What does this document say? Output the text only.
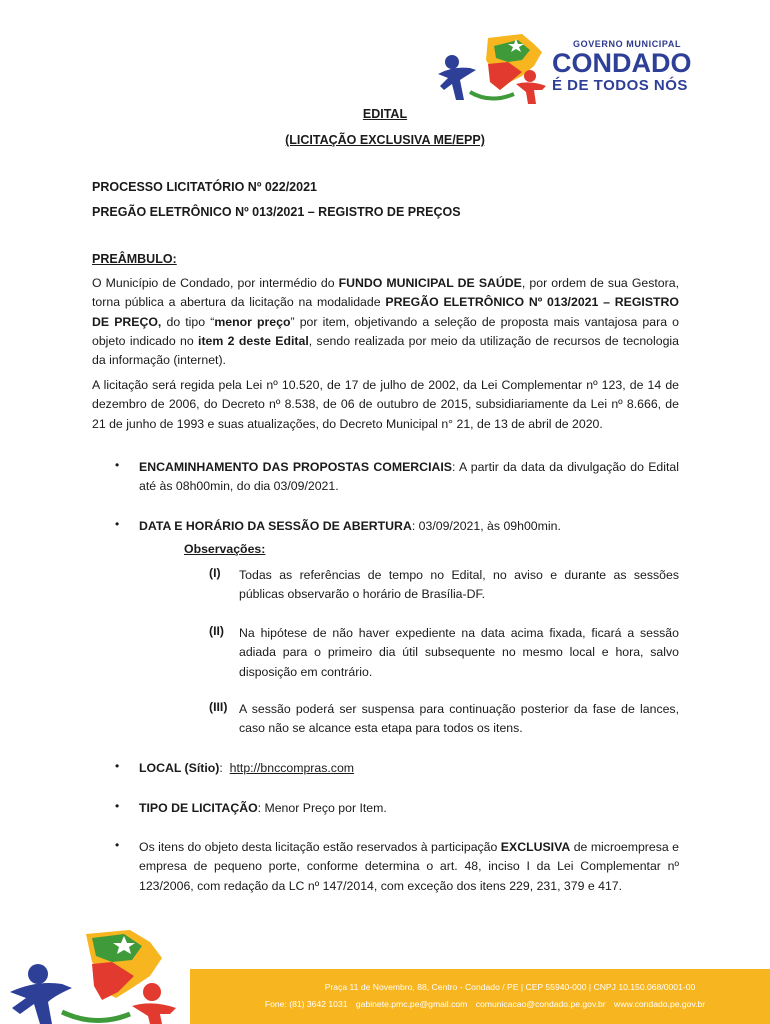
GOVERNO MUNICIPAL
CONDADO
É DE TODOS NÓS
EDITAL
(LICITAÇÃO EXCLUSIVA ME/EPP)
PROCESSO LICITATÓRIO Nº 022/2021
PREGÃO ELETRÔNICO Nº 013/2021 – REGISTRO DE PREÇOS
PREÂMBULO:
O Município de Condado, por intermédio do FUNDO MUNICIPAL DE SAÚDE, por ordem de sua Gestora, torna pública a abertura da licitação na modalidade PREGÃO ELETRÔNICO Nº 013/2021 – REGISTRO DE PREÇO, do tipo “menor preço” por item, objetivando a seleção de proposta mais vantajosa para o objeto indicado no item 2 deste Edital, sendo realizada por meio da utilização de recursos de tecnologia da informação (internet).
A licitação será regida pela Lei nº 10.520, de 17 de julho de 2002, da Lei Complementar nº 123, de 14 de dezembro de 2006, do Decreto nº 8.538, de 06 de outubro de 2015, subsidiariamente da Lei nº 8.666, de 21 de junho de 1993 e suas atualizações, do Decreto Municipal n° 21, de 13 de abril de 2020.
•	ENCAMINHAMENTO DAS PROPOSTAS COMERCIAIS: A partir da data da divulgação do Edital até às 08h00min, do dia 03/09/2021.
•	DATA E HORÁRIO DA SESSÃO DE ABERTURA: 03/09/2021, às 09h00min.
Observações:
(I) Todas as referências de tempo no Edital, no aviso e durante as sessões públicas observarão o horário de Brasília-DF.
(II) Na hipótese de não haver expediente na data acima fixada, ficará a sessão adiada para o primeiro dia útil subsequente no mesmo local e hora, salvo disposição em contrário.
(III) A sessão poderá ser suspensa para continuação posterior da fase de lances, caso não se alcance esta etapa para todos os itens.
•	LOCAL (Sítio): http://bnccompras.com
•	TIPO DE LICITAÇÃO: Menor Preço por Item.
•	Os itens do objeto desta licitação estão reservados à participação EXCLUSIVA de microempresa e empresa de pequeno porte, conforme determina o art. 48, inciso I da Lei Complementar nº 123/2006, com redação da LC nº 147/2014, com exceção dos itens 229, 231, 379 e 417.
Praça 11 de Novembro, 88, Centro - Condado / PE | CEP 55940-000 | CNPJ 10.150.068/0001-00
Fone: (81) 3642 1031 gabinete.pmc.pe@gmail.com comunicacao@condado.pe.gov.br www.condado.pe.gov.br
